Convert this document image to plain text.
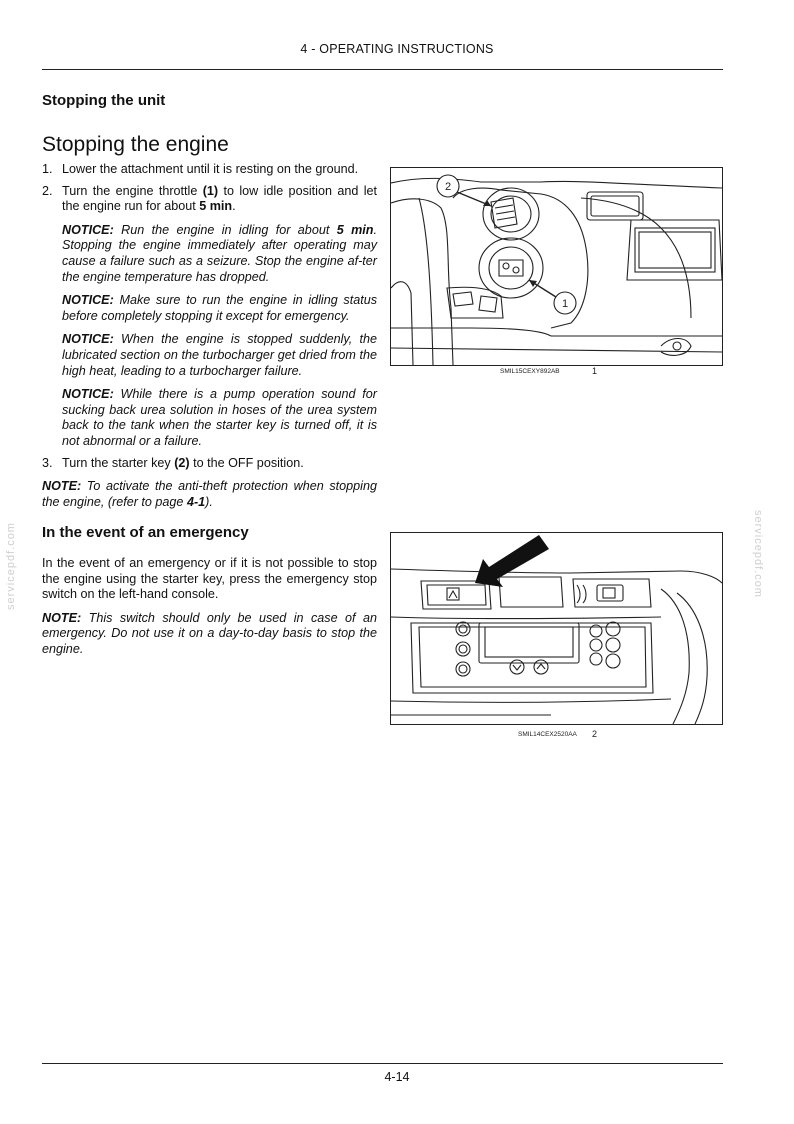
4 - OPERATING INSTRUCTIONS
Stopping the unit
Stopping the engine

1. Lower the attachment until it is resting on the ground.

2. Turn the engine throttle (1) to low idle position and let the engine run for about 5 min.

NOTICE: Run the engine in idling for about 5 min. Stopping the engine immediately after operating may cause a failure such as a seizure. Stop the engine af-ter the engine temperature has dropped.

NOTICE: Make sure to run the engine in idling status before completely stopping it except for emergency.

NOTICE: When the engine is stopped suddenly, the lubricated section on the turbocharger get dried from the high heat, leading to a turbocharger failure.

NOTICE: While there is a pump operation sound for sucking back urea solution in hoses of the urea system back to the tank when the starter key is turned off, it is not abnormal or a failure.

3. Turn the starter key (2) to the OFF position.

NOTE: To activate the anti-theft protection when stopping the engine, (refer to page 4-1).

In the event of an emergency

In the event of an emergency or if it is not possible to stop the engine using the starter key, press the emergency stop switch on the left-hand console.

NOTE: This switch should only be used in case of an emergency. Do not use it on a day-to-day basis to stop the engine.

2
1
SMIL15CEXY892AB	1
SMIL14CEX2520AA 2
servicepdf.com	servicepdf.com
4-14
